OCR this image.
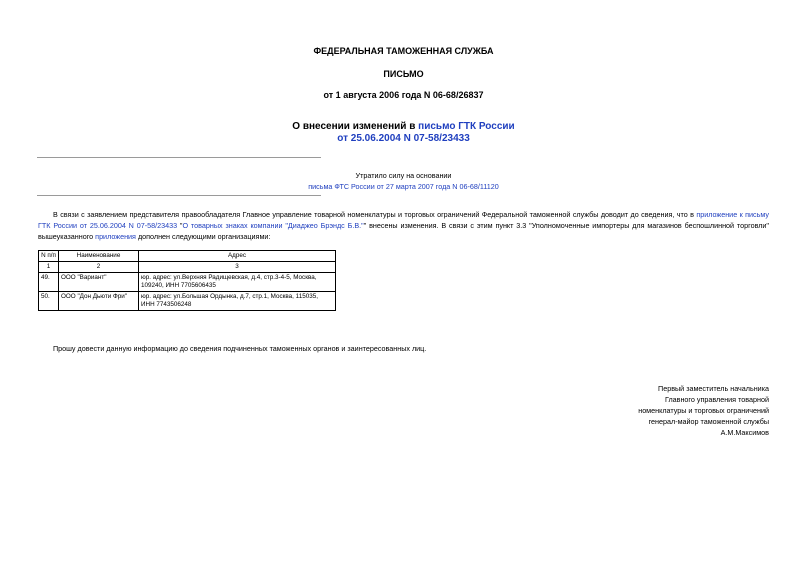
ФЕДЕРАЛЬНАЯ ТАМОЖЕННАЯ СЛУЖБА
ПИСЬМО
от 1 августа 2006 года N 06-68/26837
О внесении изменений в письмо ГТК России
от 25.06.2004 N 07-58/23433
Утратило силу на основании
письма ФТС России от 27 марта 2007 года N 06-68/11120
В связи с заявлением представителя правообладателя Главное управление товарной номенклатуры и торговых ограничений Федеральной таможенной службы доводит до сведения, что в приложение к письму ГТК России от 25.06.2004 N 07-58/23433 "О товарных знаках компании "Диаджео Брэндс Б.В."" внесены изменения. В связи с этим пункт 3.3 "Уполномоченные импортеры для магазинов беспошлинной торговли" вышеуказанного приложения дополнен следующими организациями:
N п/п	Наименование	Адрес
1	2	3
49.	ООО "Вариант"	юр. адрес: ул.Верхняя Радищевская, д.4, стр.3-4-5, Москва, 109240, ИНН 7705606435
50.	ООО "Дон Дьюти Фри"	юр. адрес: ул.Большая Ордынка, д.7, стр.1, Москва, 115035, ИНН 7743506248
Прошу довести данную информацию до сведения подчиненных таможенных органов и заинтересованных лиц.
Первый заместитель начальника
Главного управления товарной
номенклатуры и торговых ограничений
генерал-майор таможенной службы
А.М.Максимов
